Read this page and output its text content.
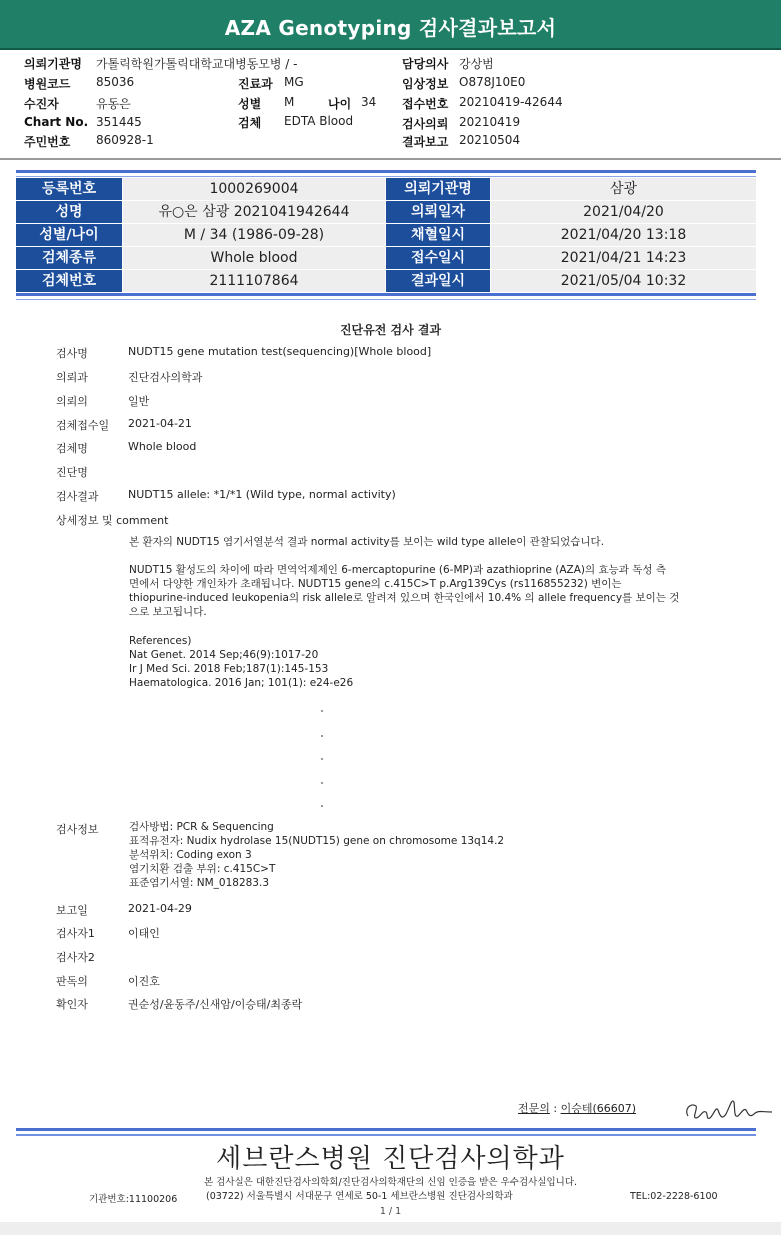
AZA Genotyping 검사결과보고서
의뢰기관명 가톨릭학원가톨릭대학교대병동모병 / -
병원코드 85036
수진자	유동은
Chart No. 351445
주민번호 860928-1
진료과 MG
성별 M	나이 34
검체 EDTA Blood
담당의사 강상범
임상정보 O878J10E0
접수번호 20210419-42644
검사의뢰 20210419
결과보고 20210504
등록번호	1000269004	의뢰기관명	삼광
성명	유○은 삼광 2021041942644	의뢰일자	2021/04/20
성별/나이	M / 34 (1986-09-28)	채혈일시	2021/04/20 13:18
검체종류	Whole blood	접수일시	2021/04/21 14:23
검체번호	2111107864	결과일시	2021/05/04 10:32
진단유전 검사 결과
검사명	NUDT15 gene mutation test(sequencing)[Whole blood]
의뢰과	진단검사의학과
의뢰의	일반
검체접수일 2021-04-21
검체명	Whole blood
진단명
검사결과	NUDT15 allele: *1/*1 (Wild type, normal activity)
상세정보 및 comment
본 환자의 NUDT15 염기서열분석 결과 normal activity를 보이는 wild type allele이 관찰되었습니다.
NUDT15 활성도의 차이에 따라 면역억제제인 6-mercaptopurine (6-MP)과 azathioprine (AZA)의 효능과 독성 측
면에서 다양한 개인차가 초래됩니다. NUDT15 gene의 c.415C>T p.Arg139Cys (rs116855232) 변이는
thiopurine-induced leukopenia의 risk allele로 알려져 있으며 한국인에서 10.4% 의 allele frequency를 보이는 것
으로 보고됩니다.
References)
Nat Genet. 2014 Sep;46(9):1017-20
Ir J Med Sci. 2018 Feb;187(1):145-153
Haematologica. 2016 Jan; 101(1): e24-e26
검사정보	검사방법: PCR & Sequencing
표적유전자: Nudix hydrolase 15(NUDT15) gene on chromosome 13q14.2
분석위치: Coding exon 3
염기치환 검출 부위: c.415C>T
표준염기서열: NM_018283.3
보고일	2021-04-29
검사자1	이태인
검사자2
판독의	이진호
확인자	권순성/윤동주/신새암/이승태/최종락
전문의 : 이승테(66607)
세브란스병원 진단검사의학과
본 검사실은 대한진단검사의학회/진단검사의학재단의 신임 인증을 받은 우수검사실입니다.
기관번호:11100206	(03722) 서울특별시 서대문구 연세로 50-1 세브란스병원 진단검사의학과	TEL:02-2228-6100
1 / 1
